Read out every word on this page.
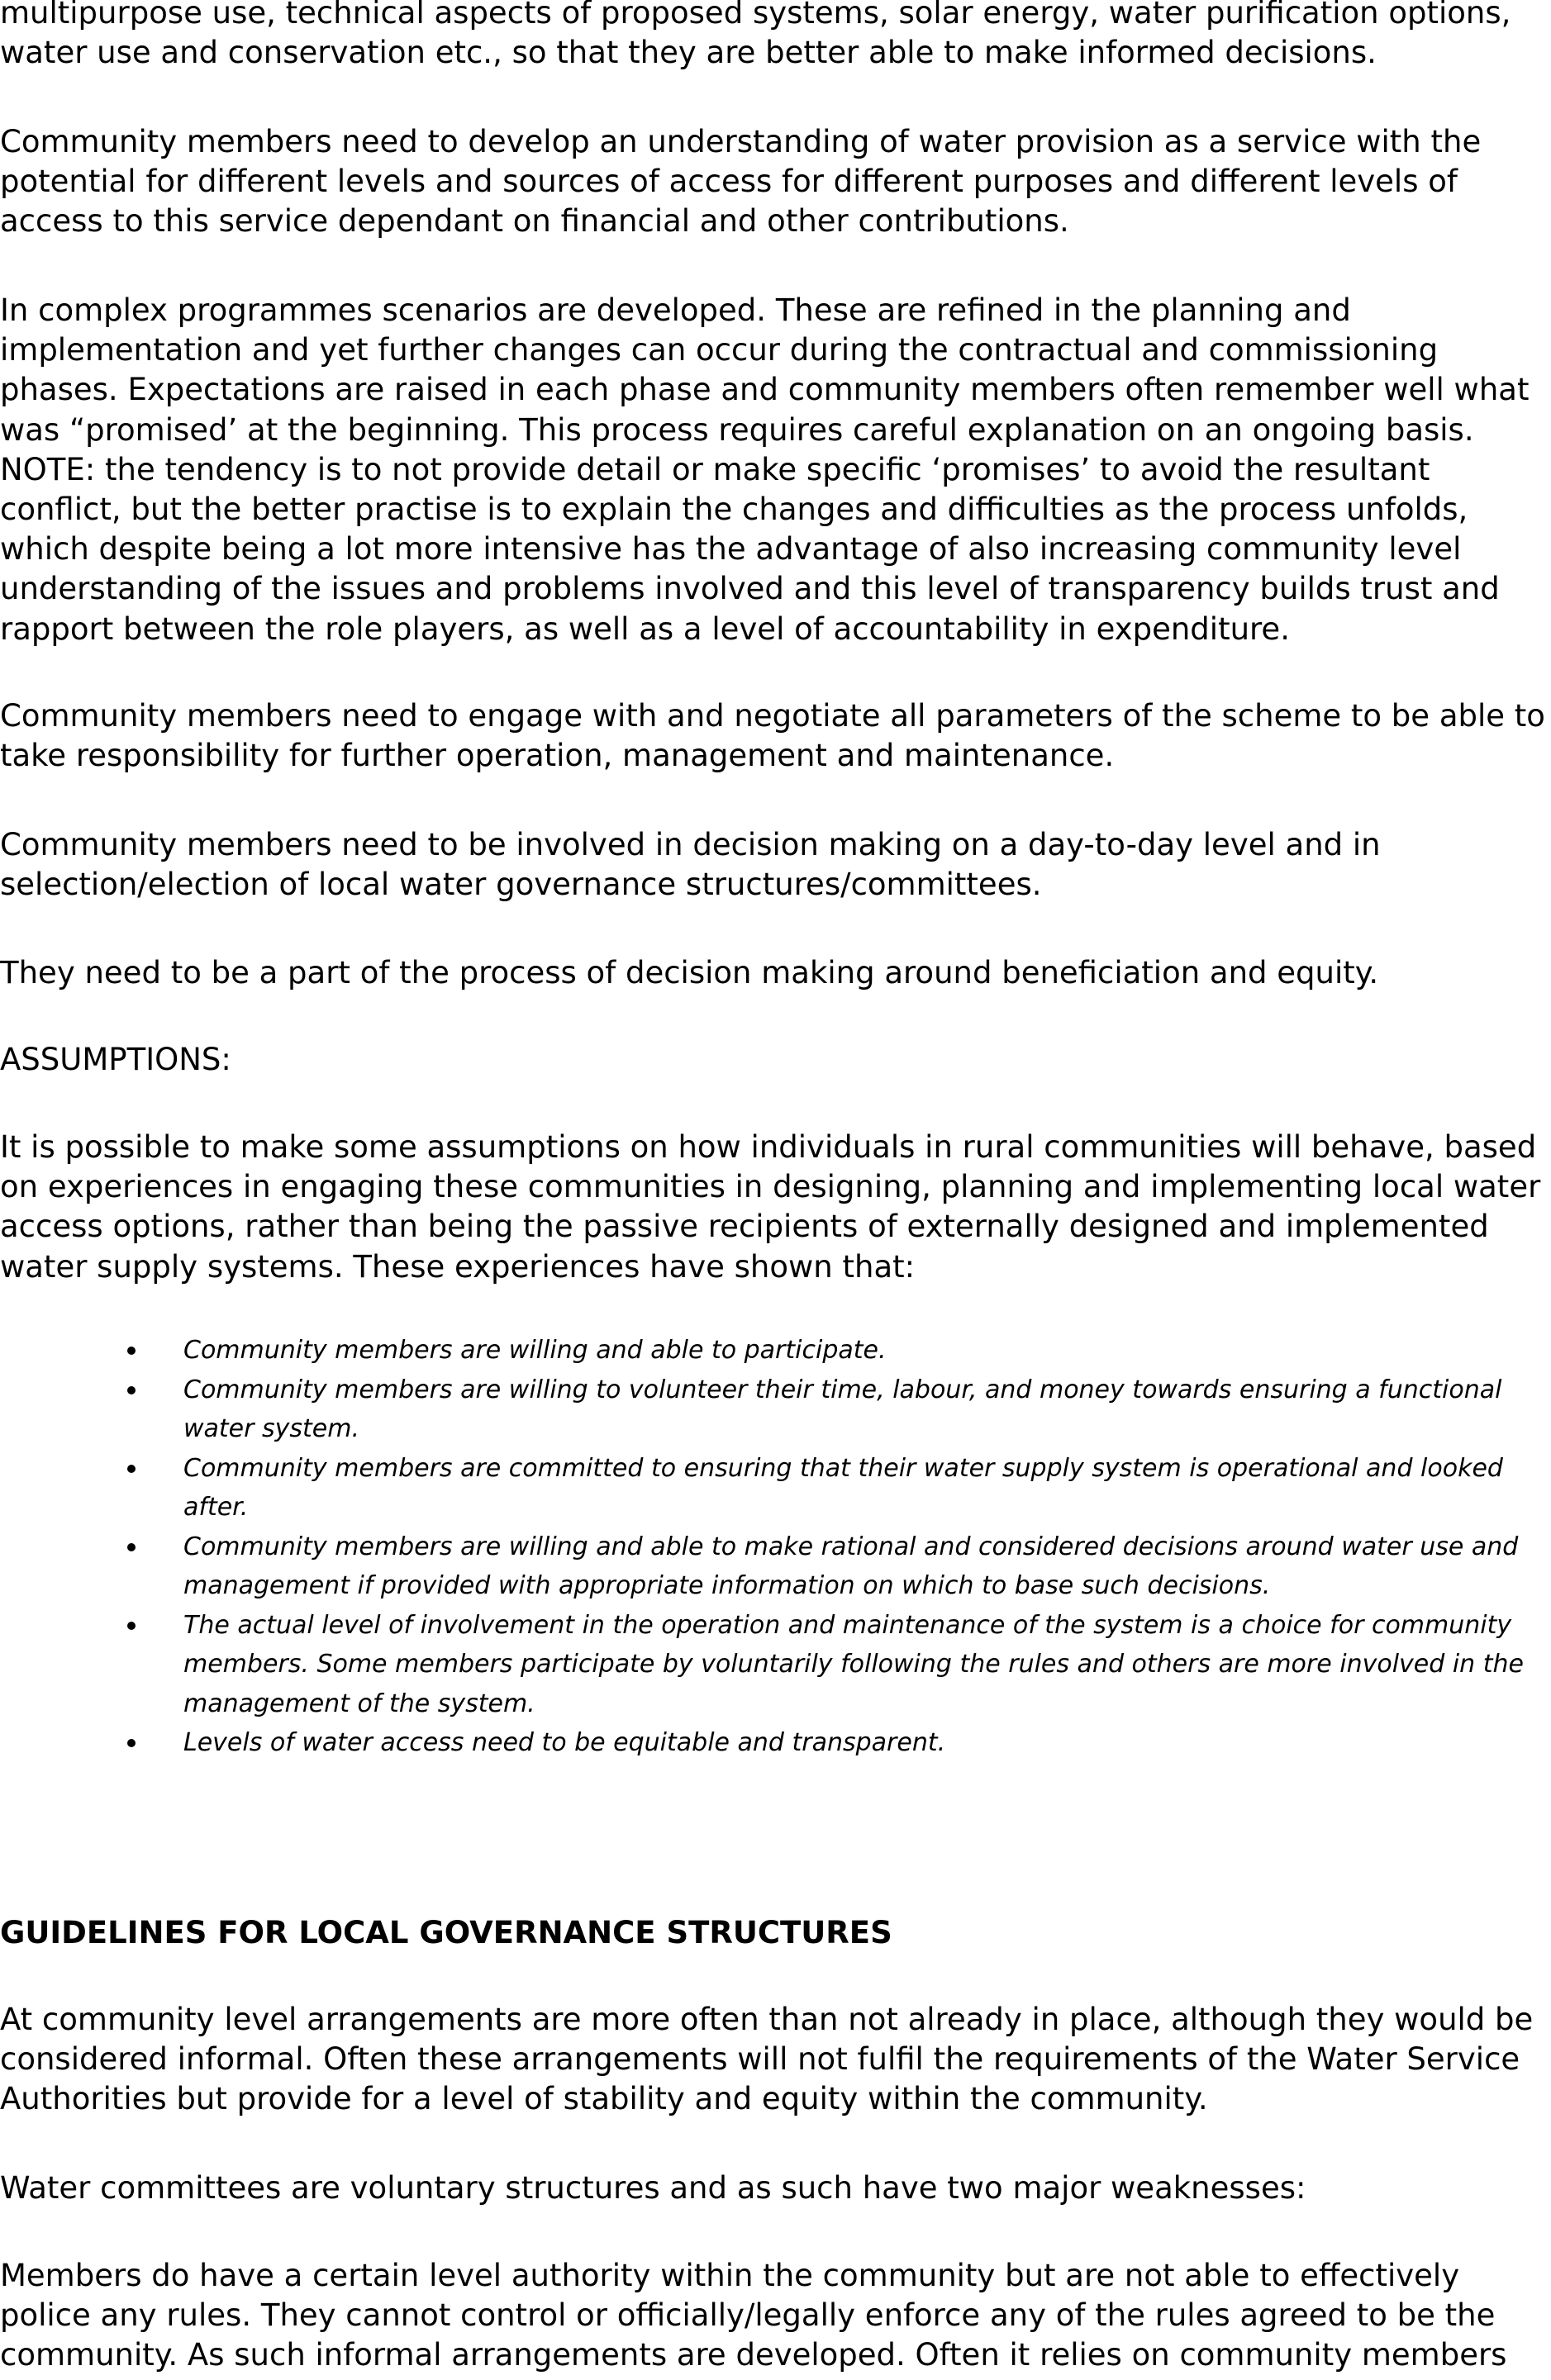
multipurpose use, technical aspects of proposed systems, solar energy, water purification options,
water use and conservation etc., so that they are better able to make informed decisions.

Community members need to develop an understanding of water provision as a service with the
potential for different levels and sources of access for different purposes and different levels of
access to this service dependant on financial and other contributions.

In complex programmes scenarios are developed. These are refined in the planning and
implementation and yet further changes can occur during the contractual and commissioning
phases. Expectations are raised in each phase and community members often remember well what
was “promised’ at the beginning. This process requires careful explanation on an ongoing basis.
NOTE: the tendency is to not provide detail or make specific ‘promises’ to avoid the resultant
conflict, but the better practise is to explain the changes and difficulties as the process unfolds,
which despite being a lot more intensive has the advantage of also increasing community level
understanding of the issues and problems involved and this level of transparency builds trust and
rapport between the role players, as well as a level of accountability in expenditure.

Community members need to engage with and negotiate all parameters of the scheme to be able to
take responsibility for further operation, management and maintenance.

Community members need to be involved in decision making on a day-to-day level and in
selection/election of local water governance structures/committees.

They need to be a part of the process of decision making around beneficiation and equity.

ASSUMPTIONS:

It is possible to make some assumptions on how individuals in rural communities will behave, based
on experiences in engaging these communities in designing, planning and implementing local water
access options, rather than being the passive recipients of externally designed and implemented
water supply systems. These experiences have shown that:

Community members are willing and able to participate.
Community members are willing to volunteer their time, labour, and money towards ensuring a functional
water system.
Community members are committed to ensuring that their water supply system is operational and looked
after.
Community members are willing and able to make rational and considered decisions around water use and
management if provided with appropriate information on which to base such decisions.
The actual level of involvement in the operation and maintenance of the system is a choice for community
members. Some members participate by voluntarily following the rules and others are more involved in the
management of the system.
Levels of water access need to be equitable and transparent.

GUIDELINES FOR LOCAL GOVERNANCE STRUCTURES

At community level arrangements are more often than not already in place, although they would be
considered informal. Often these arrangements will not fulfil the requirements of the Water Service
Authorities but provide for a level of stability and equity within the community.

Water committees are voluntary structures and as such have two major weaknesses:

Members do have a certain level authority within the community but are not able to effectively
police any rules. They cannot control or officially/legally enforce any of the rules agreed to be the
community. As such informal arrangements are developed. Often it relies on community members
